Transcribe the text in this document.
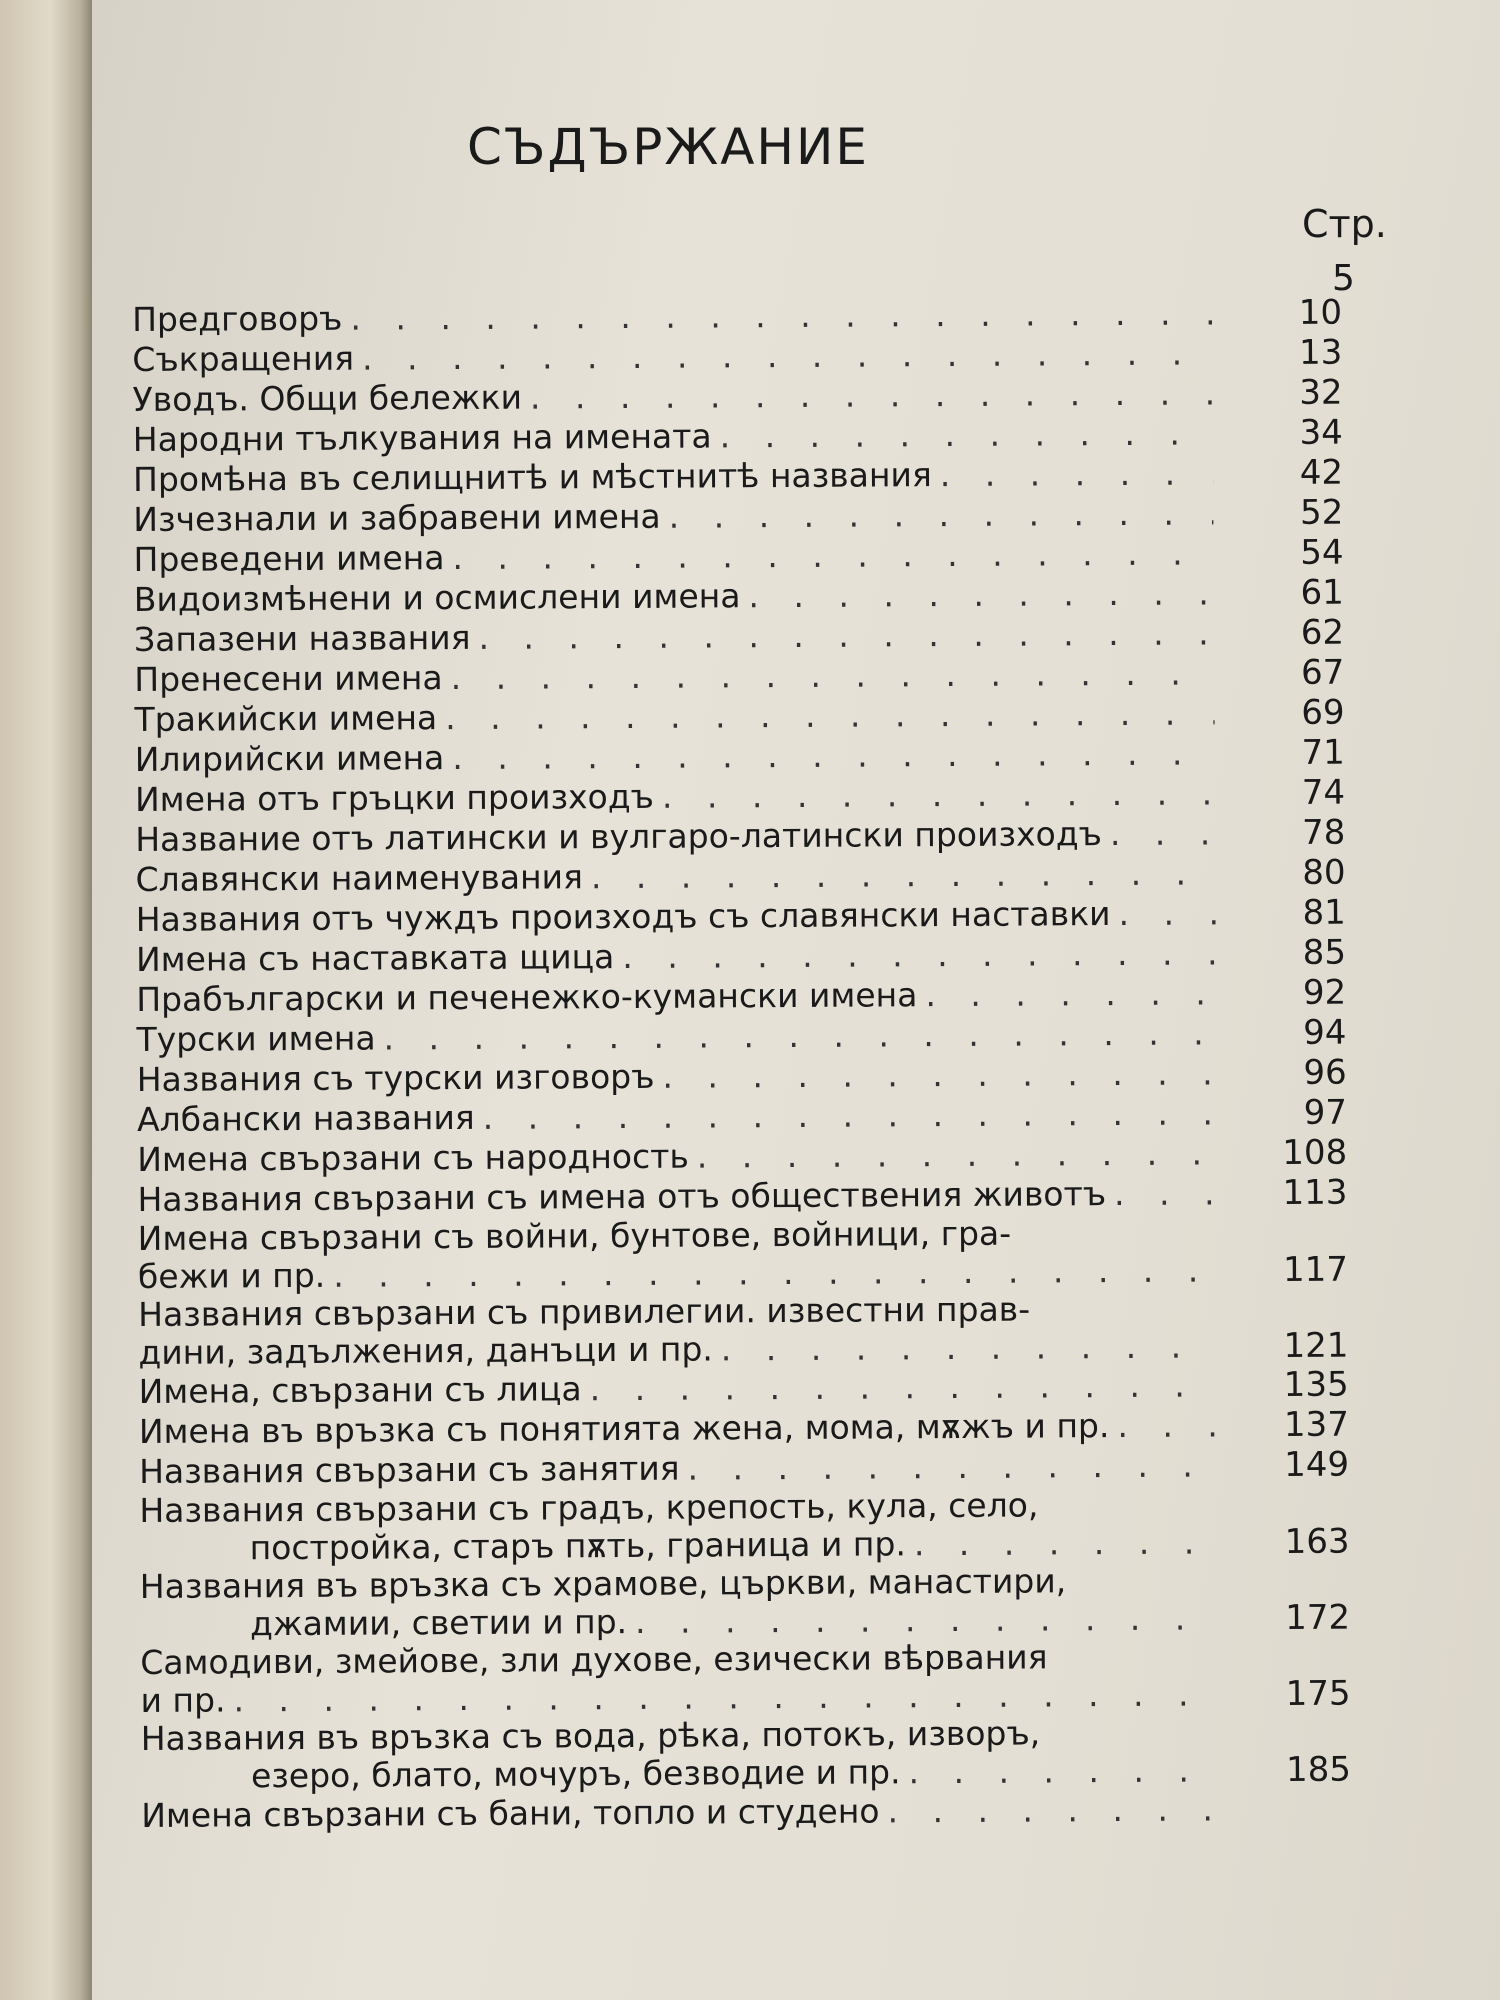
СЪДЪРЖАНИЕ
Стр.
5
Предговоръ . . .	10
Съкращения . . .	13
Уводъ. Общи бележки . . .	32
Народни тълкувания на имената . . .	34
Промѣна въ селищнитѣ и мѣстнитѣ названия . . .	42
Изчезнали и забравени имена . . .	52
Преведени имена . . .	54
Видоизмѣнени и осмислени имена . . .	61
Запазени названия . . .	62
Пренесени имена . . .	67
Тракийски имена . . .	69
Илирийски имена . . .	71
Имена отъ гръцки произходъ . . .	74
Название отъ латински и вулгаро-латински произходъ . . .	78
Славянски наименувания . . .	80
Названия отъ чуждъ произходъ съ славянски наставки . . .	81
Имена съ наставката щица . . .	85
Прабългарски и печенежко-кумански имена . . .	92
Турски имена . . .	94
Названия съ турски изговоръ . . .	96
Албански названия . . .	97
Имена свързани съ народность . . .	108
Названия свързани съ имена отъ обществения животъ . . .	113
Имена свързани съ войни, бунтове, войници, гра-
бежи и пр. . . .	117
Названия свързани съ привилегии. известни прав-
дини, задължения, данъци и пр. . . .	121
Имена, свързани съ лица . . .	135
Имена въ връзка съ понятията жена, мома, мѫжъ и пр. . . .	137
Названия свързани съ занятия . . .	149
Названия свързани съ градъ, крепость, кула, село,
постройка, старъ пѫть, граница и пр. . . .	163
Названия въ връзка съ храмове, църкви, манастири,
джамии, светии и пр. . . .	172
Самодиви, змейове, зли духове, езически вѣрвания
и пр. . . .	175
Названия въ връзка съ вода, рѣка, потокъ, изворъ,
езеро, блато, мочуръ, безводие и пр. . . .	185
Имена свързани съ бани, топло и студено
. . .
